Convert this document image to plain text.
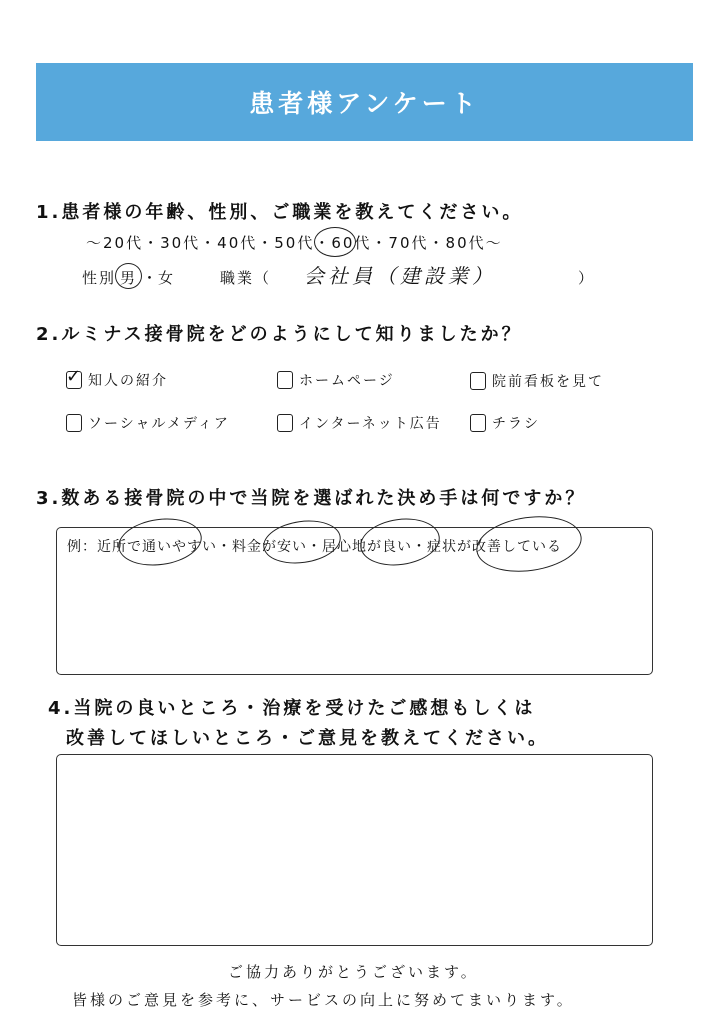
患者様アンケート
1.患者様の年齢、性別、ご職業を教えてください。
～20代・30代・40代・50代・60代・70代・80代～
性別 男 ・
女	職業（ 会社員（建設業）	）
2.ルミナス接骨院をどのようにして知りましたか？
✓ 知人の紹介	ホームページ	院前看板を見て
ソーシャルメディア	インターネット広告	チラシ
3.数ある接骨院の中で当院を選ばれた決め手は何ですか？
例：近所で通いやすい・料金が安い・居心地が良い・症状が改善している
4.当院の良いところ・治療を受けたご感想もしくは
改善してほしいところ・ご意見を教えてください。
ご協力ありがとうございます。
皆様のご意見を参考に、サービスの向上に努めてまいります。
